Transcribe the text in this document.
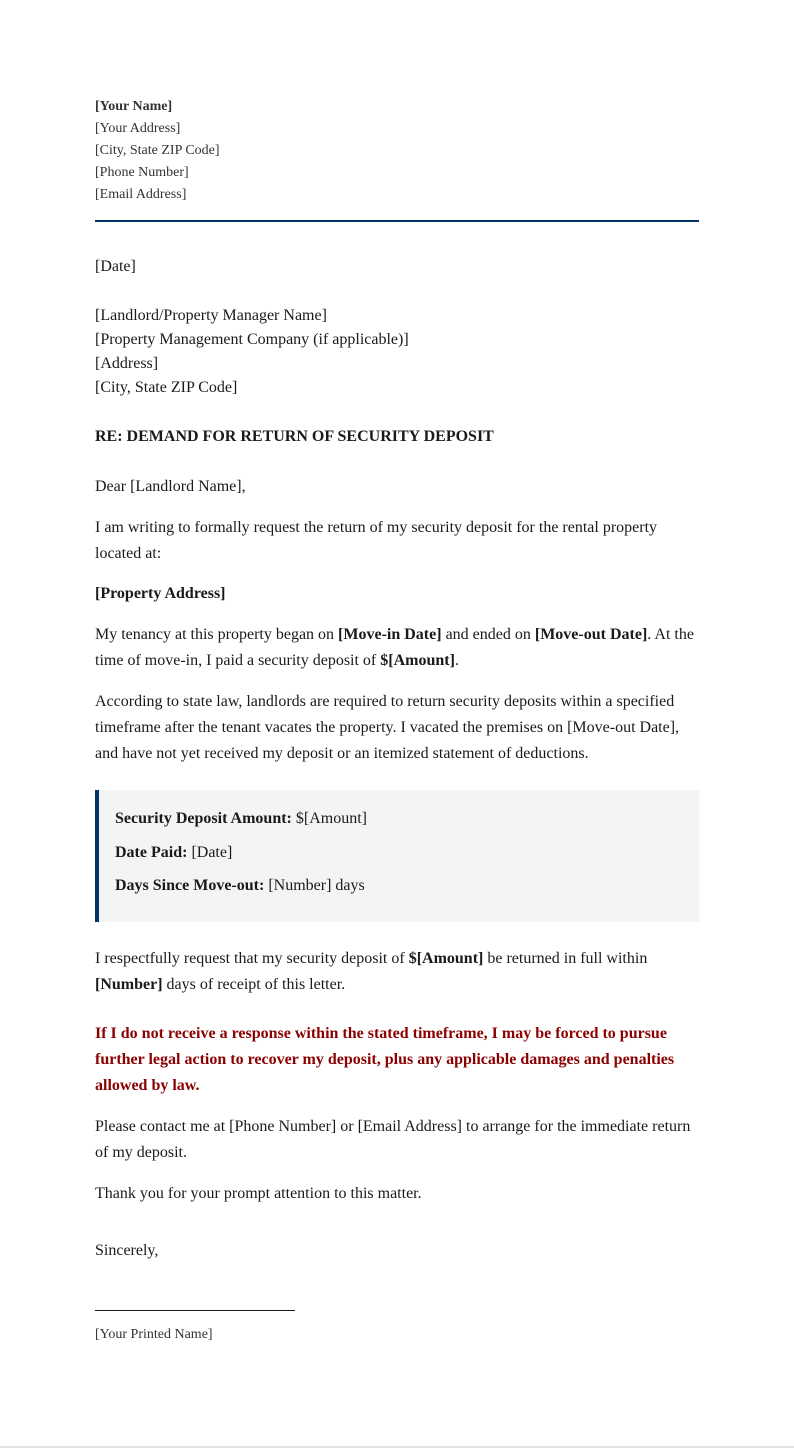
[Your Name]
[Your Address]
[City, State ZIP Code]
[Phone Number]
[Email Address]
[Date]
[Landlord/Property Manager Name]
[Property Management Company (if applicable)]
[Address]
[City, State ZIP Code]
RE: DEMAND FOR RETURN OF SECURITY DEPOSIT
Dear [Landlord Name],

I am writing to formally request the return of my security deposit for the rental property located at:

[Property Address]

My tenancy at this property began on [Move-in Date] and ended on [Move-out Date]. At the time of move-in, I paid a security deposit of $[Amount].

According to state law, landlords are required to return security deposits within a specified timeframe after the tenant vacates the property. I vacated the premises on [Move-out Date], and have not yet received my deposit or an itemized statement of deductions.

Security Deposit Amount: $[Amount]
Date Paid: [Date]
Days Since Move-out: [Number] days

I respectfully request that my security deposit of $[Amount] be returned in full within [Number] days of receipt of this letter.

If I do not receive a response within the stated timeframe, I may be forced to pursue further legal action to recover my deposit, plus any applicable damages and penalties allowed by law.

Please contact me at [Phone Number] or [Email Address] to arrange for the immediate return of my deposit.

Thank you for your prompt attention to this matter.

Sincerely,
[Your Printed Name]
